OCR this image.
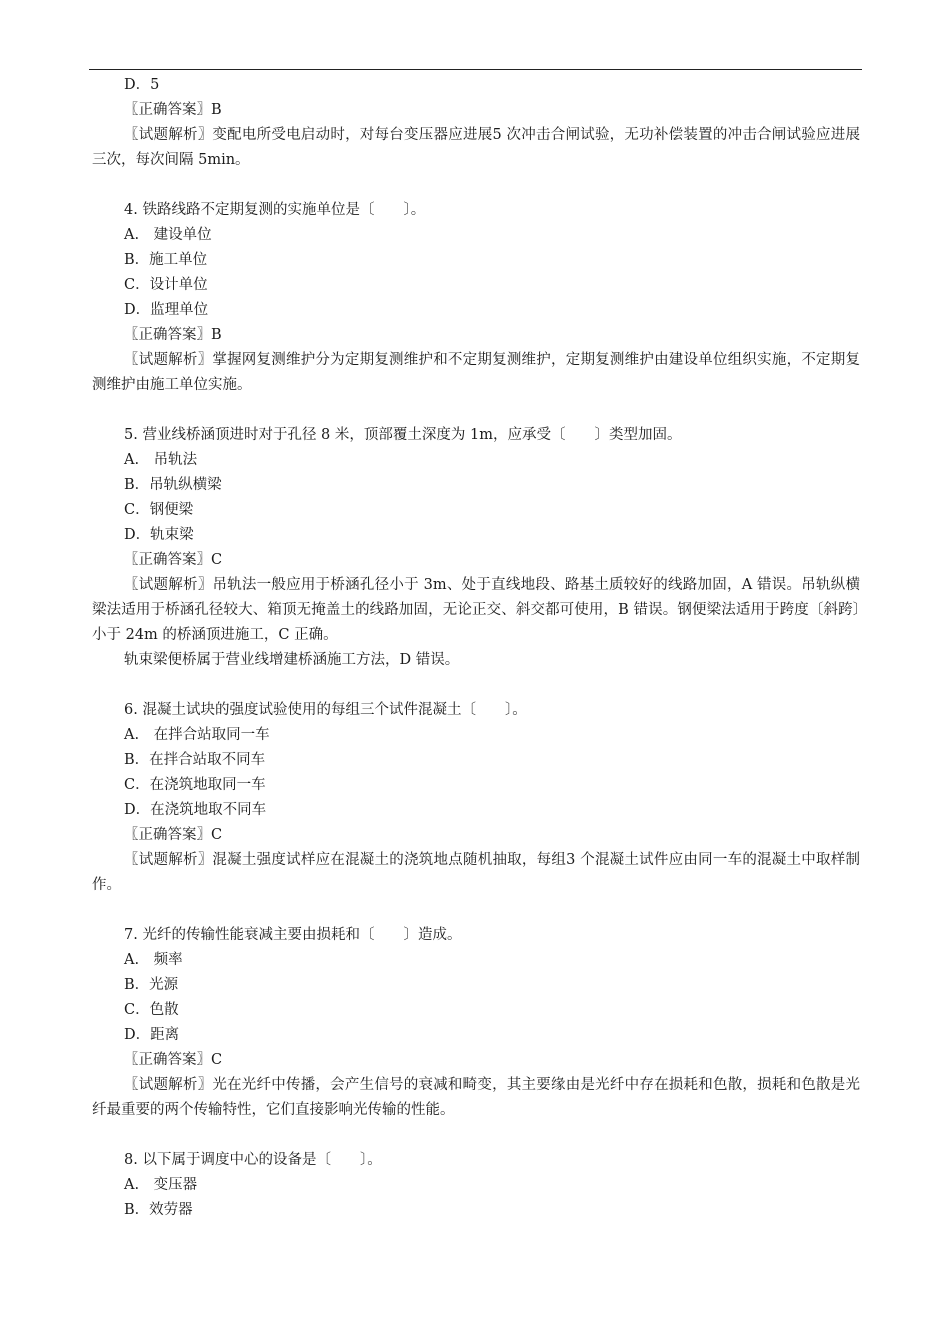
D．5
〖正确答案〗B
〖试题解析〗变配电所受电启动时，对每台变压器应进展5 次冲击合闸试验，无功补偿装置的冲击合闸试验应进展三次，每次间隔 5min。
4. 铁路线路不定期复测的实施单位是〔　　〕。
A.　建设单位
B．施工单位
C．设计单位
D．监理单位
〖正确答案〗B
〖试题解析〗掌握网复测维护分为定期复测维护和不定期复测维护，定期复测维护由建设单位组织实施，不定期复测维护由施工单位实施。
5. 营业线桥涵顶进时对于孔径 8 米，顶部覆土深度为 1m，应承受〔　　〕类型加固。
A.　吊轨法
B．吊轨纵横梁
C．钢便梁
D．轨束梁
〖正确答案〗C
〖试题解析〗吊轨法一般应用于桥涵孔径小于 3m、处于直线地段、路基土质较好的线路加固，A 错误。吊轨纵横梁法适用于桥涵孔径较大、箱顶无掩盖土的线路加固，无论正交、斜交都可使用，B 错误。钢便梁法适用于跨度〔斜跨〕小于 24m 的桥涵顶进施工，C 正确。
轨束梁便桥属于营业线增建桥涵施工方法，D 错误。
6. 混凝土试块的强度试验使用的每组三个试件混凝土〔　　〕。
A.　在拌合站取同一车
B．在拌合站取不同车
C．在浇筑地取同一车
D．在浇筑地取不同车
〖正确答案〗C
〖试题解析〗混凝土强度试样应在混凝土的浇筑地点随机抽取，每组3 个混凝土试件应由同一车的混凝土中取样制作。
7. 光纤的传输性能衰减主要由损耗和〔　　〕造成。
A.　频率
B．光源
C．色散
D．距离
〖正确答案〗C
〖试题解析〗光在光纤中传播，会产生信号的衰减和畸变，其主要缘由是光纤中存在损耗和色散，损耗和色散是光纤最重要的两个传输特性，它们直接影响光传输的性能。
8. 以下属于调度中心的设备是〔　　〕。
A.　变压器
B．效劳器
